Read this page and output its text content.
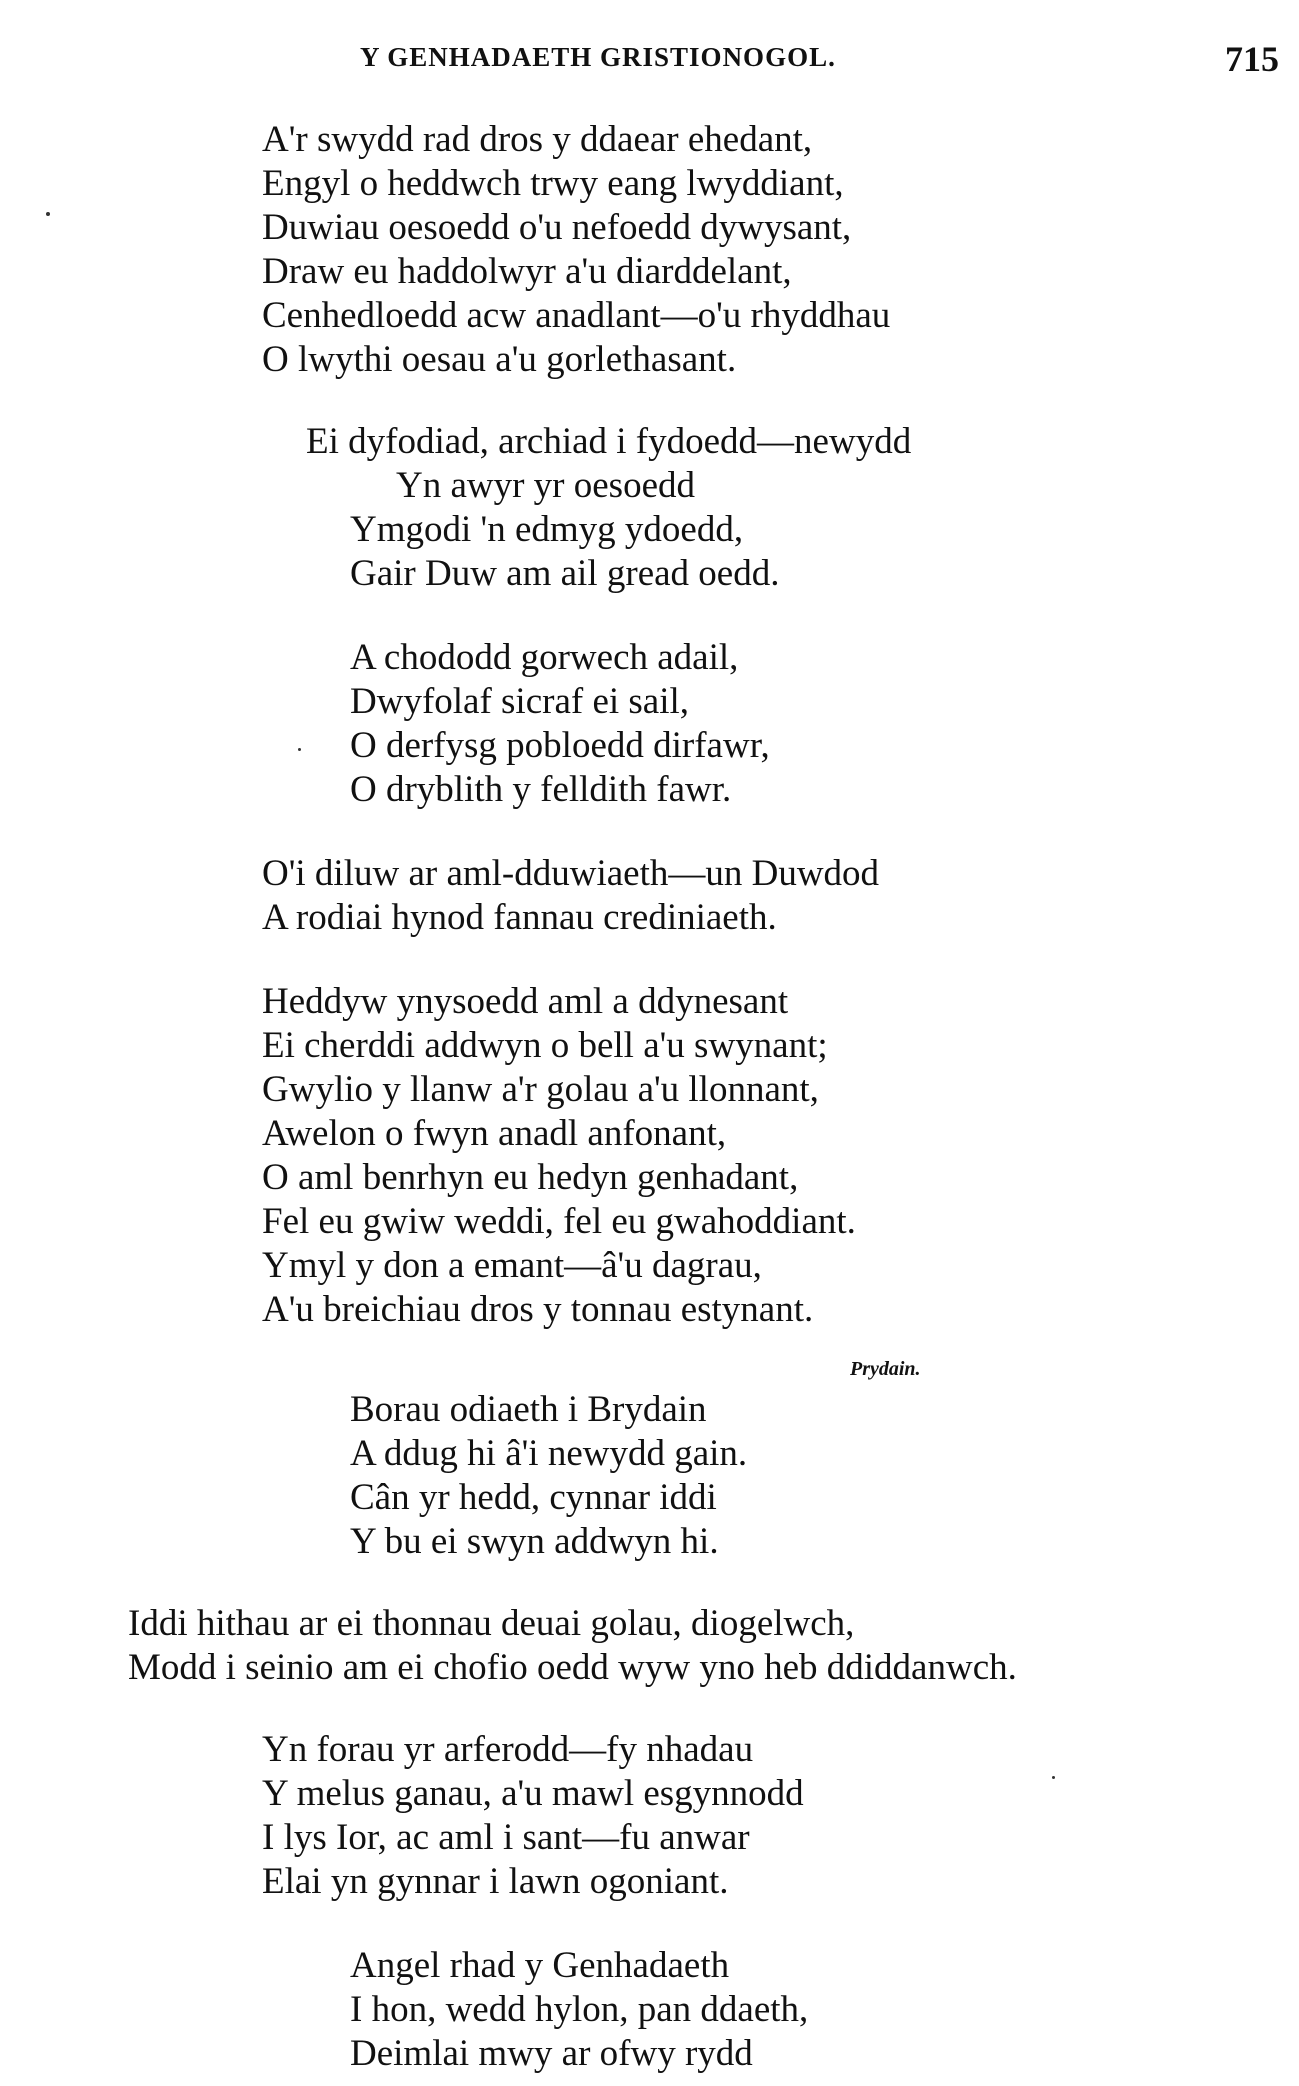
Y GENHADAETH GRISTIONOGOL.	715
A'r swydd rad dros y ddaear ehedant,
Engyl o heddwch trwy eang lwyddiant,
Duwiau oesoedd o'u nefoedd dywysant,
Draw eu haddolwyr a'u diarddelant,
Cenhedloedd acw anadlant—o'u rhyddhau
O lwythi oesau a'u gorlethasant.
Ei dyfodiad, archiad i fydoedd—newydd
Yn awyr yr oesoedd
Ymgodi 'n edmyg ydoedd,
Gair Duw am ail gread oedd.
A chododd gorwech adail,
Dwyfolaf sicraf ei sail,
O derfysg pobloedd dirfawr,
O dryblith y felldith fawr.
O'i diluw ar aml-dduwiaeth—un Duwdod
A rodiai hynod fannau crediniaeth.
Heddyw ynysoedd aml a ddynesant
Ei cherddi addwyn o bell a'u swynant;
Gwylio y llanw a'r golau a'u llonnant,
Awelon o fwyn anadl anfonant,
O aml benrhyn eu hedyn genhadant,
Fel eu gwiw weddi, fel eu gwahoddiant.
Ymyl y don a emant—â'u dagrau,
A'u breichiau dros y tonnau estynant.
Prydain.
Borau odiaeth i Brydain
A ddug hi â'i newydd gain.
Cân yr hedd, cynnar iddi
Y bu ei swyn addwyn hi.
Iddi hithau ar ei thonnau deuai golau, diogelwch,
Modd i seinio am ei chofio oedd wyw yno heb ddiddanwch.
Yn forau yr arferodd—fy nhadau
Y melus ganau, a'u mawl esgynnodd
I lys Ior, ac aml i sant—fu anwar
Elai yn gynnar i lawn ogoniant.
Angel rhad y Genhadaeth
I hon, wedd hylon, pan ddaeth,
Deimlai mwy ar ofwy rydd
